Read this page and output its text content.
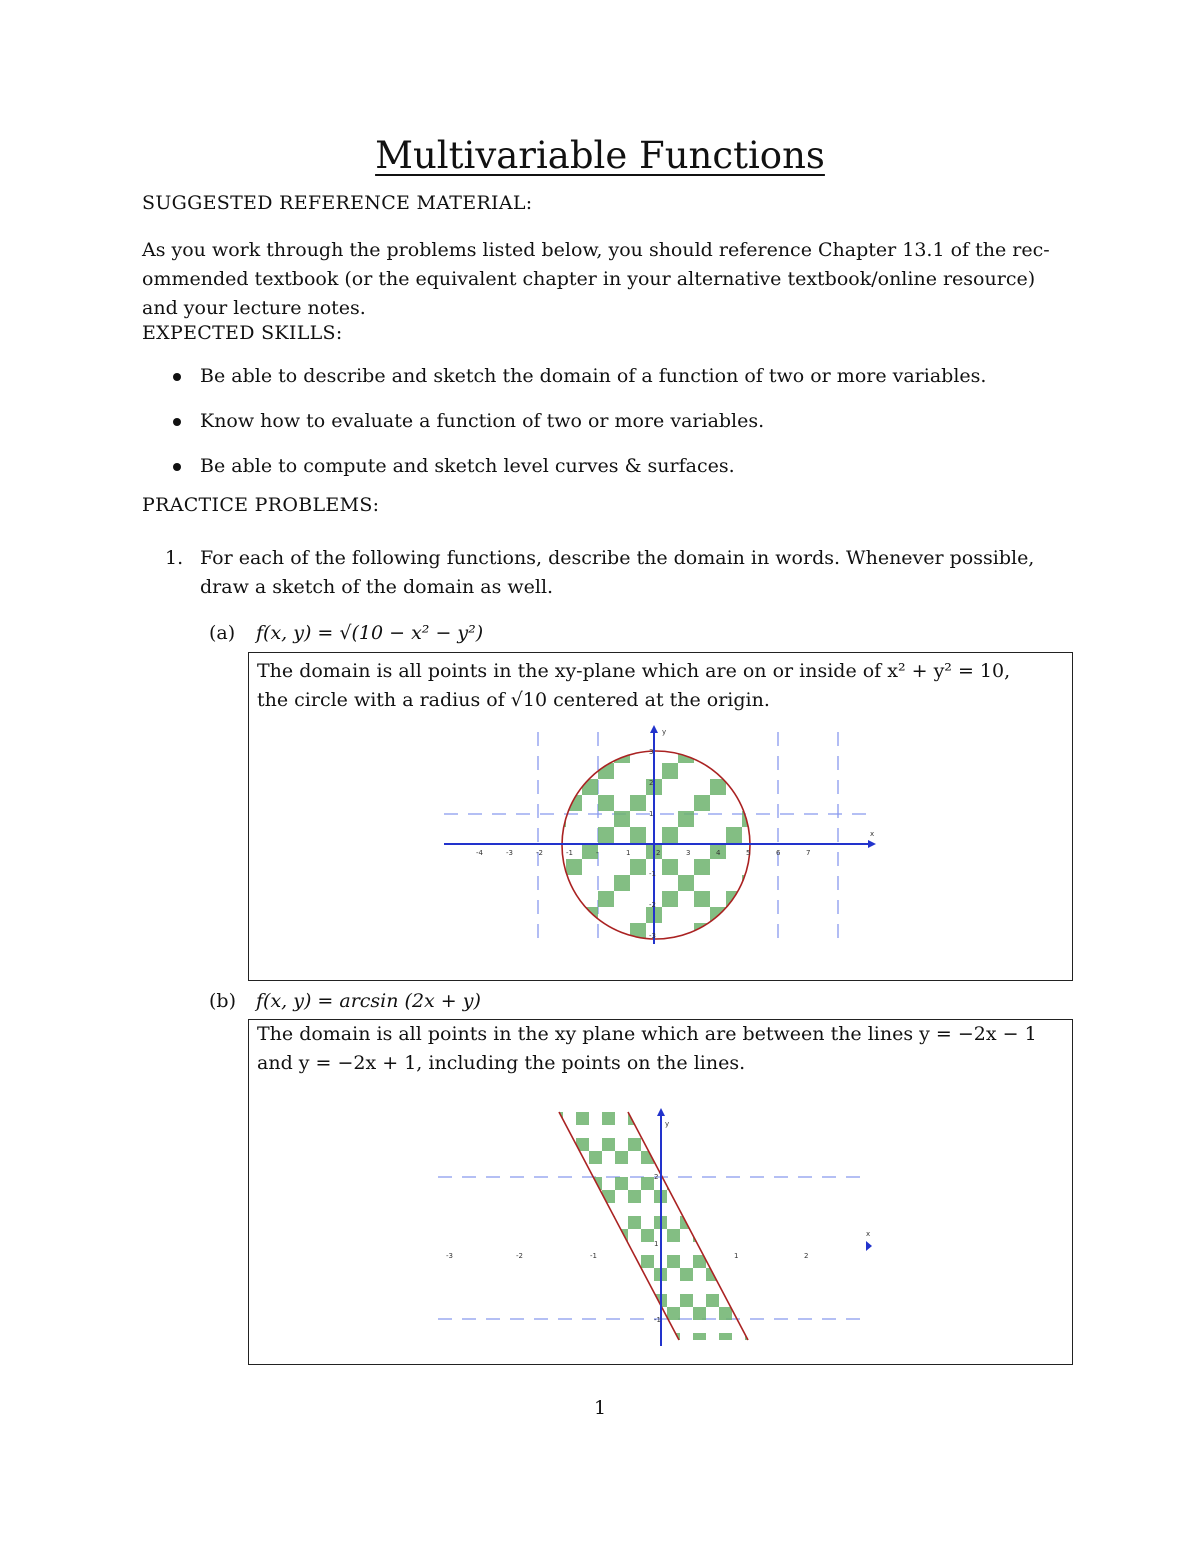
Multivariable Functions
SUGGESTED REFERENCE MATERIAL:
As you work through the problems listed below, you should reference Chapter 13.1 of the rec-
ommended textbook (or the equivalent chapter in your alternative textbook/online resource)
and your lecture notes.
EXPECTED SKILLS:
Be able to describe and sketch the domain of a function of two or more variables.
Know how to evaluate a function of two or more variables.
Be able to compute and sketch level curves & surfaces.
PRACTICE PROBLEMS:
1. For each of the following functions, describe the domain in words. Whenever possible,
draw a sketch of the domain as well.
(a) f(x, y) = √(10 − x² − y²)
The domain is all points in the xy-plane which are on or inside of x² + y² = 10,
the circle with a radius of √10 centered at the origin.
y
x
-4	-3	-2	-1	-	1	2	3	4	5	6	7
3
2
1
-1
-2
-3
(b) f(x, y) = arcsin (2x + y)
The domain is all points in the xy plane which are between the lines y = −2x − 1
and y = −2x + 1, including the points on the lines.
y
x
-3	-2	-1	1	2
2
1
-1
1
